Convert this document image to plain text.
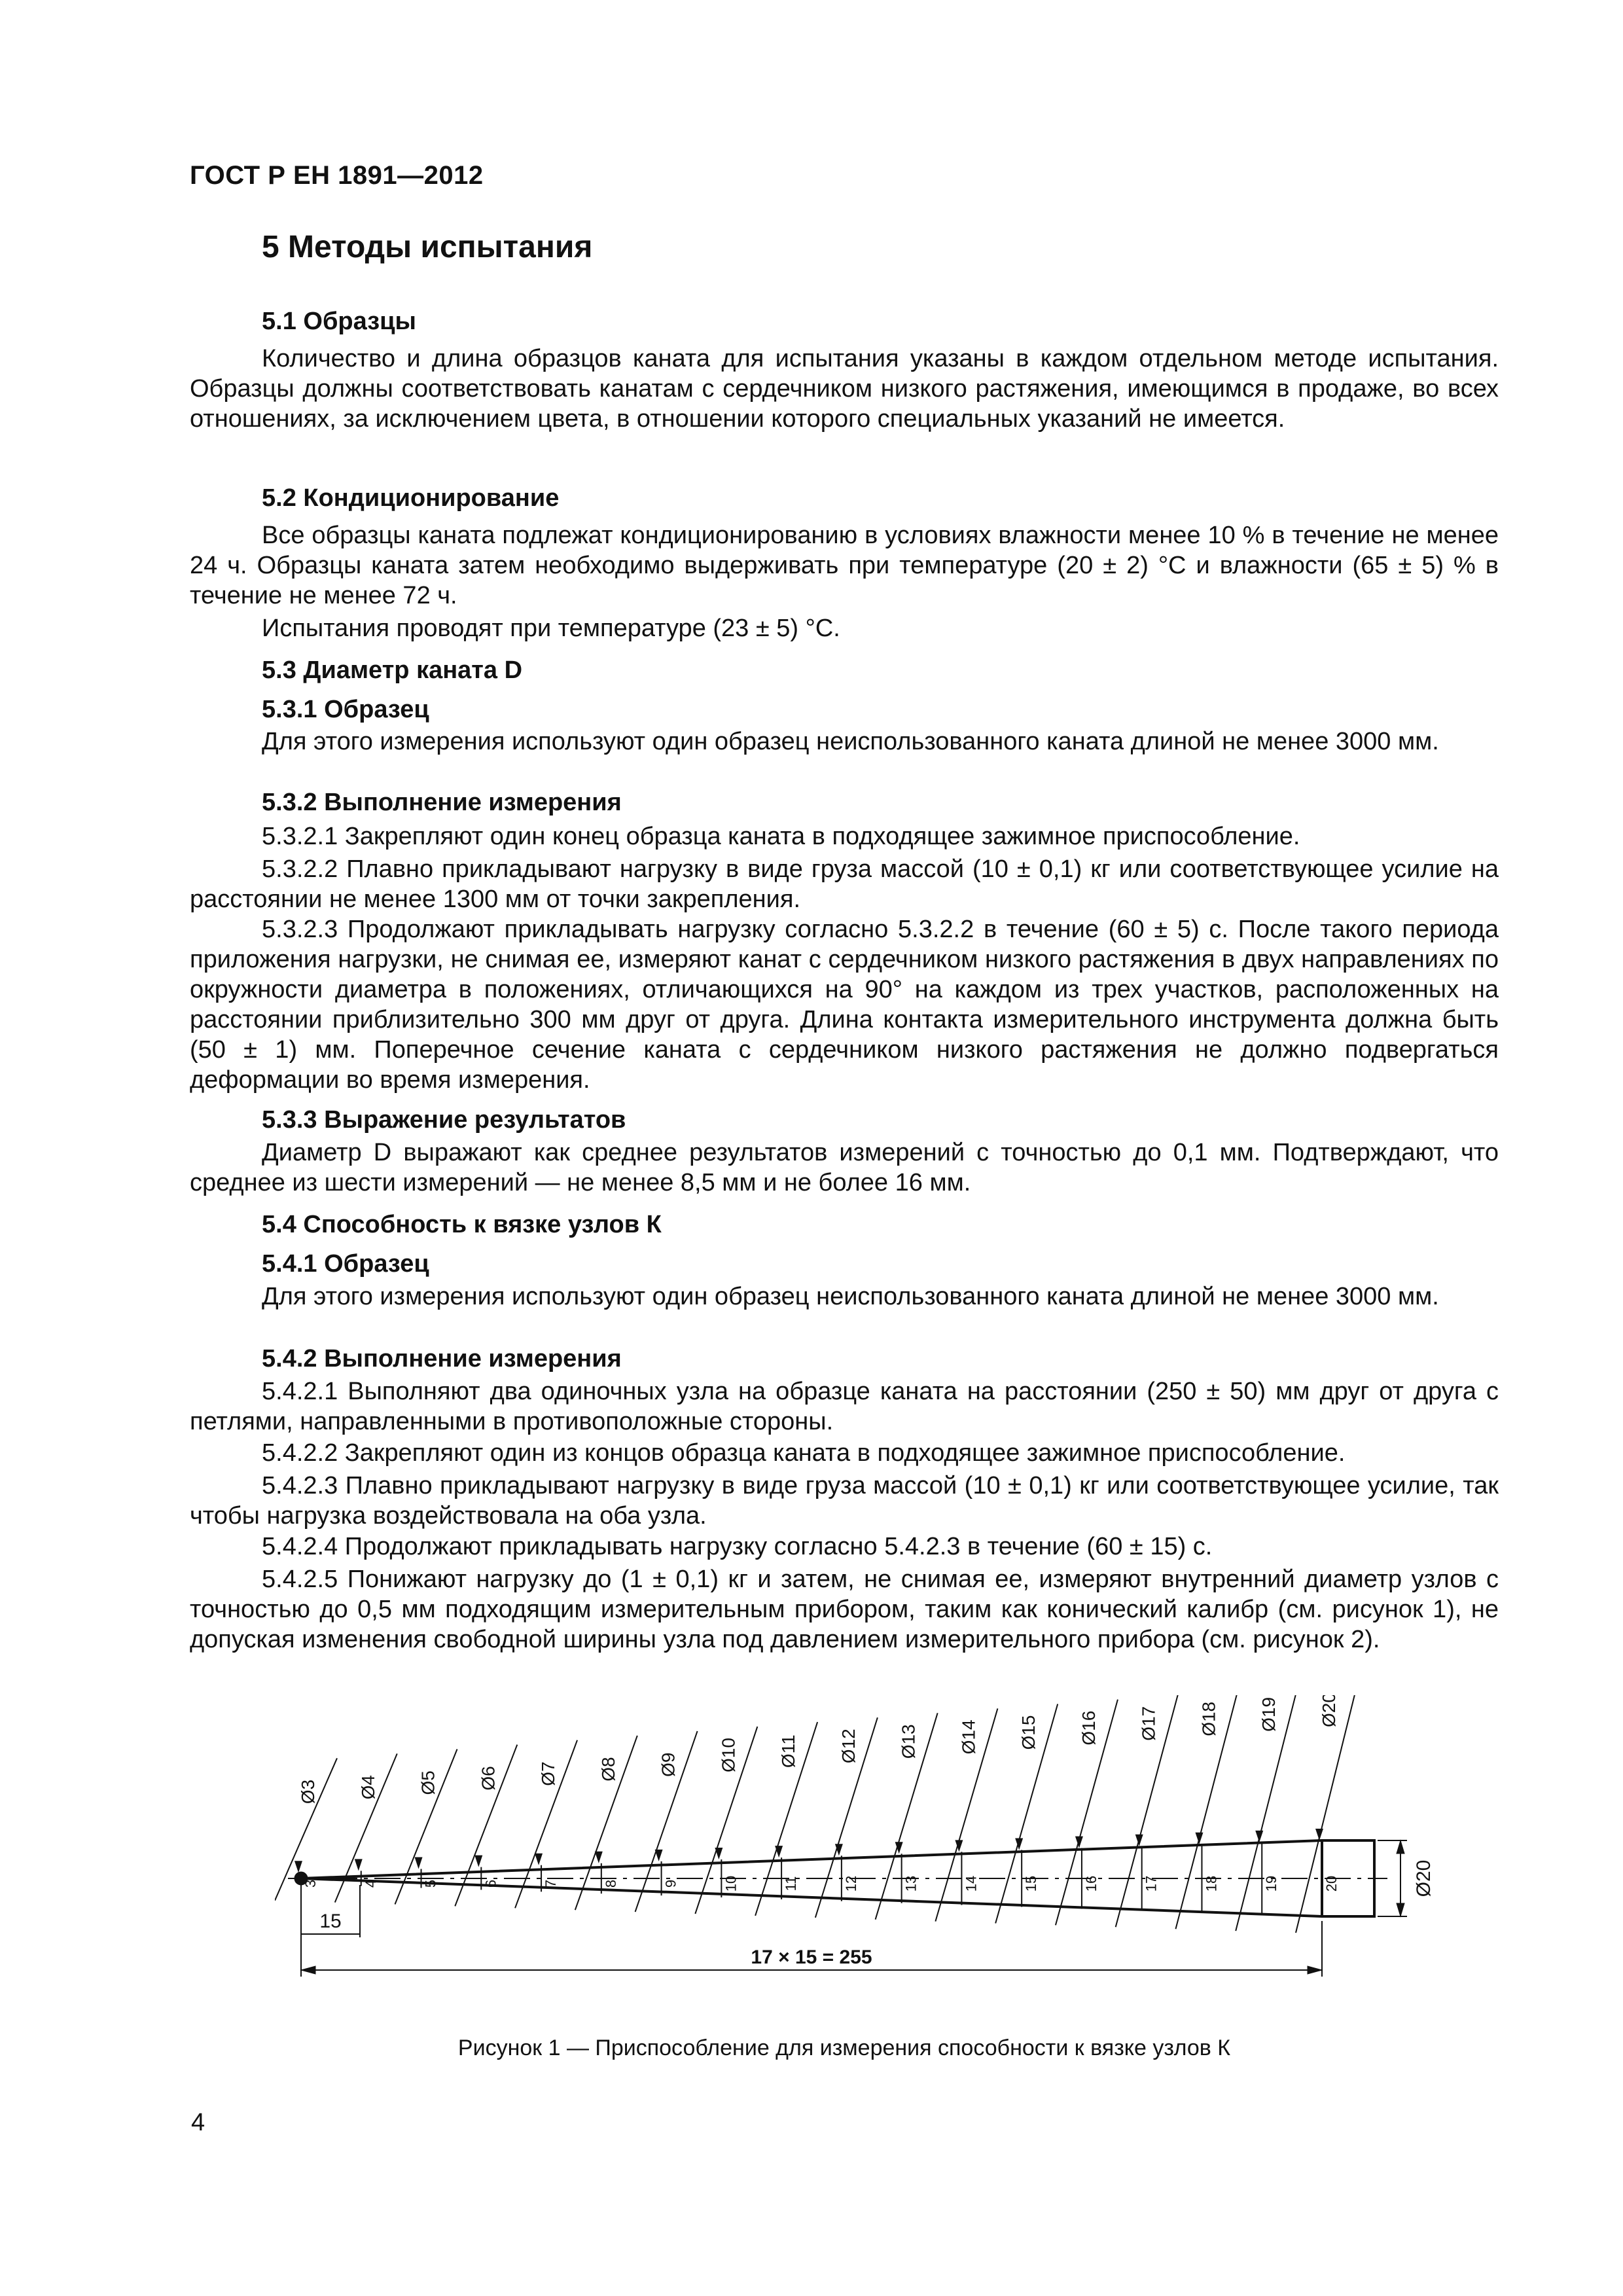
ГОСТ Р ЕН 1891—2012
5 Методы испытания
5.1 Образцы
Количество и длина образцов каната для испытания указаны в каждом отдельном методе испытания. Образцы должны соответствовать канатам с сердечником низкого растяжения, имеющимся в продаже, во всех отношениях, за исключением цвета, в отношении которого специальных указаний не имеется.
5.2 Кондиционирование
Все образцы каната подлежат кондиционированию в условиях влажности менее 10 % в течение не менее 24 ч. Образцы каната затем необходимо выдерживать при температуре (20 ± 2) °С и влажности (65 ± 5) % в течение не менее 72 ч.
Испытания проводят при температуре (23 ± 5) °С.
5.3 Диаметр каната D
5.3.1 Образец
Для этого измерения используют один образец неиспользованного каната длиной не менее 3000 мм.
5.3.2 Выполнение измерения
5.3.2.1 Закрепляют один конец образца каната в подходящее зажимное приспособление.
5.3.2.2 Плавно прикладывают нагрузку в виде груза массой (10 ± 0,1) кг или соответствующее усилие на расстоянии не менее 1300 мм от точки закрепления.
5.3.2.3 Продолжают прикладывать нагрузку согласно 5.3.2.2 в течение (60 ± 5) с. После такого периода приложения нагрузки, не снимая ее, измеряют канат с сердечником низкого растяжения в двух направлениях по окружности диаметра в положениях, отличающихся на 90° на каждом из трех участков, расположенных на расстоянии приблизительно 300 мм друг от друга. Длина контакта измерительного инструмента должна быть (50 ± 1) мм. Поперечное сечение каната с сердечником низкого растяжения не должно подвергаться деформации во время измерения.
5.3.3 Выражение результатов
Диаметр D выражают как среднее результатов измерений с точностью до 0,1 мм. Подтверждают, что среднее из шести измерений — не менее 8,5 мм и не более 16 мм.
5.4 Способность к вязке узлов К
5.4.1 Образец
Для этого измерения используют один образец неиспользованного каната длиной не менее 3000 мм.
5.4.2 Выполнение измерения
5.4.2.1 Выполняют два одиночных узла на образце каната на расстоянии (250 ± 50) мм друг от друга с петлями, направленными в противоположные стороны.
5.4.2.2 Закрепляют один из концов образца каната в подходящее зажимное приспособление.
5.4.2.3 Плавно прикладывают нагрузку в виде груза массой (10 ± 0,1) кг или соответствующее усилие, так чтобы нагрузка воздействовала на оба узла.
5.4.2.4 Продолжают прикладывать нагрузку согласно 5.4.2.3 в течение (60 ± 15) с.
5.4.2.5 Понижают нагрузку до (1 ± 0,1) кг и затем, не снимая ее, измеряют внутренний диаметр узлов с точностью до 0,5 мм подходящим измерительным прибором, таким как конический калибр (см. рисунок 1), не допуская изменения свободной ширины узла под давлением измерительного прибора (см. рисунок 2).
Ø3
3
Ø4
4
Ø5
5
Ø6
6
Ø7
7
Ø8
8
Ø9
9
Ø10
10
Ø11
11
Ø12
12
Ø13
13
Ø14
14
Ø15
15
Ø16
16
Ø17
17
Ø18
18
Ø19
19
Ø20
20
15
17 × 15 = 255
Ø20
Рисунок 1 — Приспособление для измерения способности к вязке узлов К
4
